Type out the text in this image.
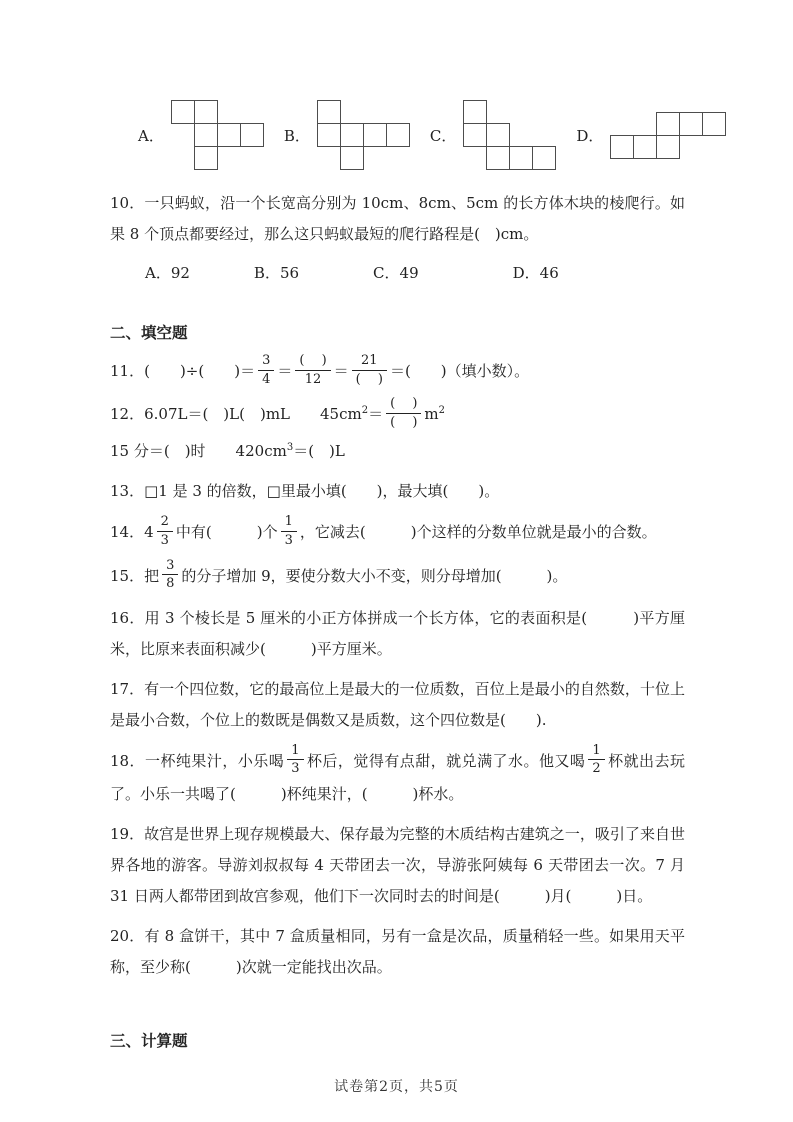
A．	B．	C．	D．

10．一只蚂蚁，沿一个长宽高分别为 10cm、8cm、5cm 的长方体木块的棱爬行。如果 8 个顶点都要经过，那么这只蚂蚁最短的爬行路程是(　)cm。

A．92	B．56	C．49	D．46
二、填空题

11．(　　)÷(　　)＝ $\frac{3}{4} = \frac{( )}{12} = \frac{21}{( )}$ ＝(　　)（填小数）。

12．6.07L＝(　)L(　)mL　　$45cm^2= \frac{( )}{( )} m^2$

15 分＝(　)时　　$420cm^3=$(　)L

13．□1 是 3 的倍数，□里最小填(　　)，最大填(　　)。

14．$4 \frac{2}{3}$ 中有(　　　)个 $\frac{1}{3}$ ，它减去(　　　)个这样的分数单位就是最小的合数。

15．把 $\frac{3}{8}$ 的分子增加 9，要使分数大小不变，则分母增加(　　　)。

16．用 3 个棱长是 5 厘米的小正方体拼成一个长方体，它的表面积是(　　　)平方厘米，比原来表面积减少(　　　)平方厘米。

17．有一个四位数，它的最高位上是最大的一位质数，百位上是最小的自然数，十位上是最小合数，个位上的数既是偶数又是质数，这个四位数是(　　).

18．一杯纯果汁，小乐喝 $\frac{1}{3}$ 杯后，觉得有点甜，就兑满了水。他又喝 $\frac{1}{2}$ 杯就出去玩了。小乐一共喝了(　　　)杯纯果汁，(　　　)杯水。

19．故宫是世界上现存规模最大、保存最为完整的木质结构古建筑之一，吸引了来自世界各地的游客。导游刘叔叔每 4 天带团去一次，导游张阿姨每 6 天带团去一次。7 月 31 日两人都带团到故宫参观，他们下一次同时去的时间是(　　　)月(　　　)日。

20．有 8 盒饼干，其中 7 盒质量相同，另有一盒是次品，质量稍轻一些。如果用天平称，至少称(　　　)次就一定能找出次品。

三、计算题
试卷第2页，共5页
